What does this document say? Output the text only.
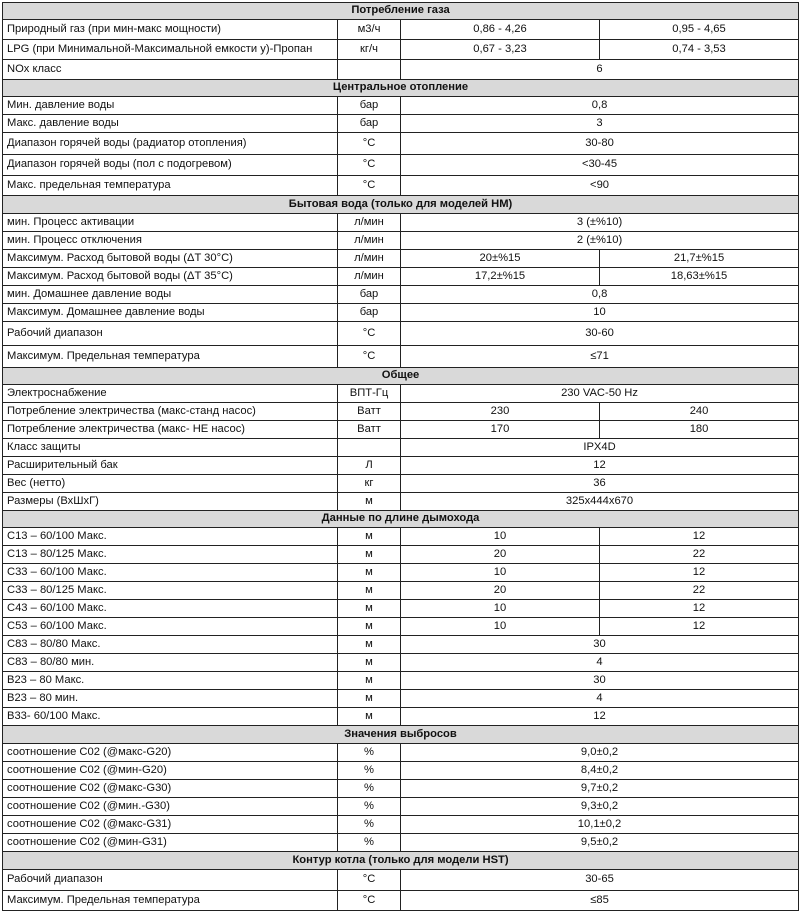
Потребление газа			
Природный газ (при мин-макс мощности)	м3/ч	0,86 - 4,26	0,95 - 4,65
LPG (при Минимальной-Максимальной емкости у)-Пропан	кг/ч	0,67 - 3,23	0,74 - 3,53
NOx класс		6	
Центральное отопление			
Мин. давление воды	бар	0,8	
Макс. давление воды	бар	3	
Диапазон горячей воды (радиатор отопления)	°C	30-80	
Диапазон горячей воды (пол с подогревом)	°C	<30-45	
Макс. предельная температура	°C	<90	
Бытовая вода (только для моделей HM)			
мин. Процесс активации	л/мин	3 (±%10)	
мин. Процесс отключения	л/мин	2 (±%10)	
Максимум. Расход бытовой воды (ΔT 30°C)	л/мин	20±%15	21,7±%15
Максимум. Расход бытовой воды (ΔT 35°C)	л/мин	17,2±%15	18,63±%15
мин. Домашнее давление воды	бар	0,8	
Максимум. Домашнее давление воды	бар	10	
Рабочий диапазон	°C	30-60	
Максимум. Предельная температура	°C	≤71	
Общее			
Электроснабжение	ВПТ-Гц	230 VAC-50 Hz	
Потребление электричества (макс-станд насос)	Ватт	230	240
Потребление электричества (макс- НЕ насос)	Ватт	170	180
Класс защиты		IPX4D	
Расширительный бак	Л	12	
Вес (нетто)	кг	36	
Размеры (ВхШхГ)	м	325x444x670	
Данные по длине дымохода			
C13 – 60/100 Макс.	м	10	12
C13 – 80/125 Макс.	м	20	22
C33 – 60/100 Макс.	м	10	12
C33 – 80/125 Макс.	м	20	22
C43 – 60/100 Макс.	м	10	12
C53 – 60/100 Макс.	м	10	12
C83 – 80/80 Макс.	м	30	
C83 – 80/80 мин.	м	4	
B23 – 80 Макс.	м	30	
B23 – 80 мин.	м	4	
B33- 60/100 Макс.	м	12	
Значения выбросов			
соотношение C02 (@макс-G20)	%	9,0±0,2	
соотношение C02 (@мин-G20)	%	8,4±0,2	
соотношение C02 (@макс-G30)	%	9,7±0,2	
соотношение C02 (@мин.-G30)	%	9,3±0,2	
соотношение C02 (@макс-G31)	%	10,1±0,2	
соотношение C02 (@мин-G31)	%	9,5±0,2	
Контур котла (только для модели HST)			
Рабочий диапазон	°C	30-65	
Максимум. Предельная температура	°C	≤85	
